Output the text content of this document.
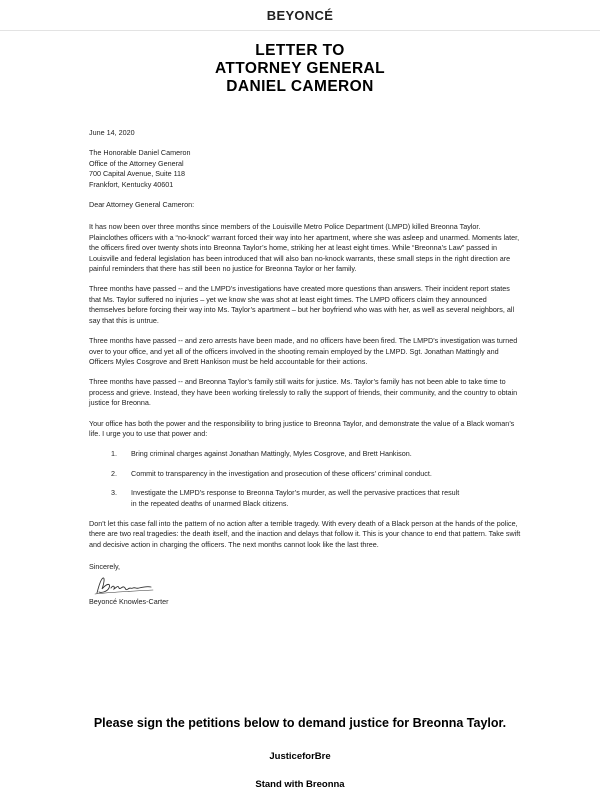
BEYONCÉ
LETTER TO
ATTORNEY GENERAL
DANIEL CAMERON
June 14, 2020
The Honorable Daniel Cameron
Office of the Attorney General
700 Capital Avenue, Suite 118
Frankfort, Kentucky 40601
Dear Attorney General Cameron:

It has now been over three months since members of the Louisville Metro Police Department (LMPD) killed Breonna Taylor. Plainclothes officers with a “no-knock” warrant forced their way into her apartment, where she was asleep and unarmed. Moments later, the officers fired over twenty shots into Breonna Taylor’s home, striking her at least eight times. While “Breonna’s Law” passed in Louisville and federal legislation has been introduced that will also ban no-knock warrants, these small steps in the right direction are painful reminders that there has still been no justice for Breonna Taylor or her family.

Three months have passed -- and the LMPD’s investigations have created more questions than answers. Their incident report states that Ms. Taylor suffered no injuries – yet we know she was shot at least eight times. The LMPD officers claim they announced themselves before forcing their way into Ms. Taylor’s apartment – but her boyfriend who was with her, as well as several neighbors, all say that this is untrue.

Three months have passed -- and zero arrests have been made, and no officers have been fired. The LMPD’s investigation was turned over to your office, and yet all of the officers involved in the shooting remain employed by the LMPD. Sgt. Jonathan Mattingly and Officers Myles Cosgrove and Brett Hankison must be held accountable for their actions.

Three months have passed -- and Breonna Taylor’s family still waits for justice. Ms. Taylor’s family has not been able to take time to process and grieve. Instead, they have been working tirelessly to rally the support of friends, their community, and the country to obtain justice for Breonna.

Your office has both the power and the responsibility to bring justice to Breonna Taylor, and demonstrate the value of a Black woman’s life. I urge you to use that power and:

1.	Bring criminal charges against Jonathan Mattingly, Myles Cosgrove, and Brett Hankison.
2.	Commit to transparency in the investigation and prosecution of these officers’ criminal conduct.
3.	Investigate the LMPD’s response to Breonna Taylor’s murder, as well the pervasive practices that result in the repeated deaths of unarmed Black citizens.

Don’t let this case fall into the pattern of no action after a terrible tragedy. With every death of a Black person at the hands of the police, there are two real tragedies: the death itself, and the inaction and delays that follow it. This is your chance to end that pattern. Take swift and decisive action in charging the officers. The next months cannot look like the last three.

Sincerely,
Beyoncé Knowles-Carter
Please sign the petitions below to demand justice for Breonna Taylor.
JusticeforBre
Stand with Breonna
